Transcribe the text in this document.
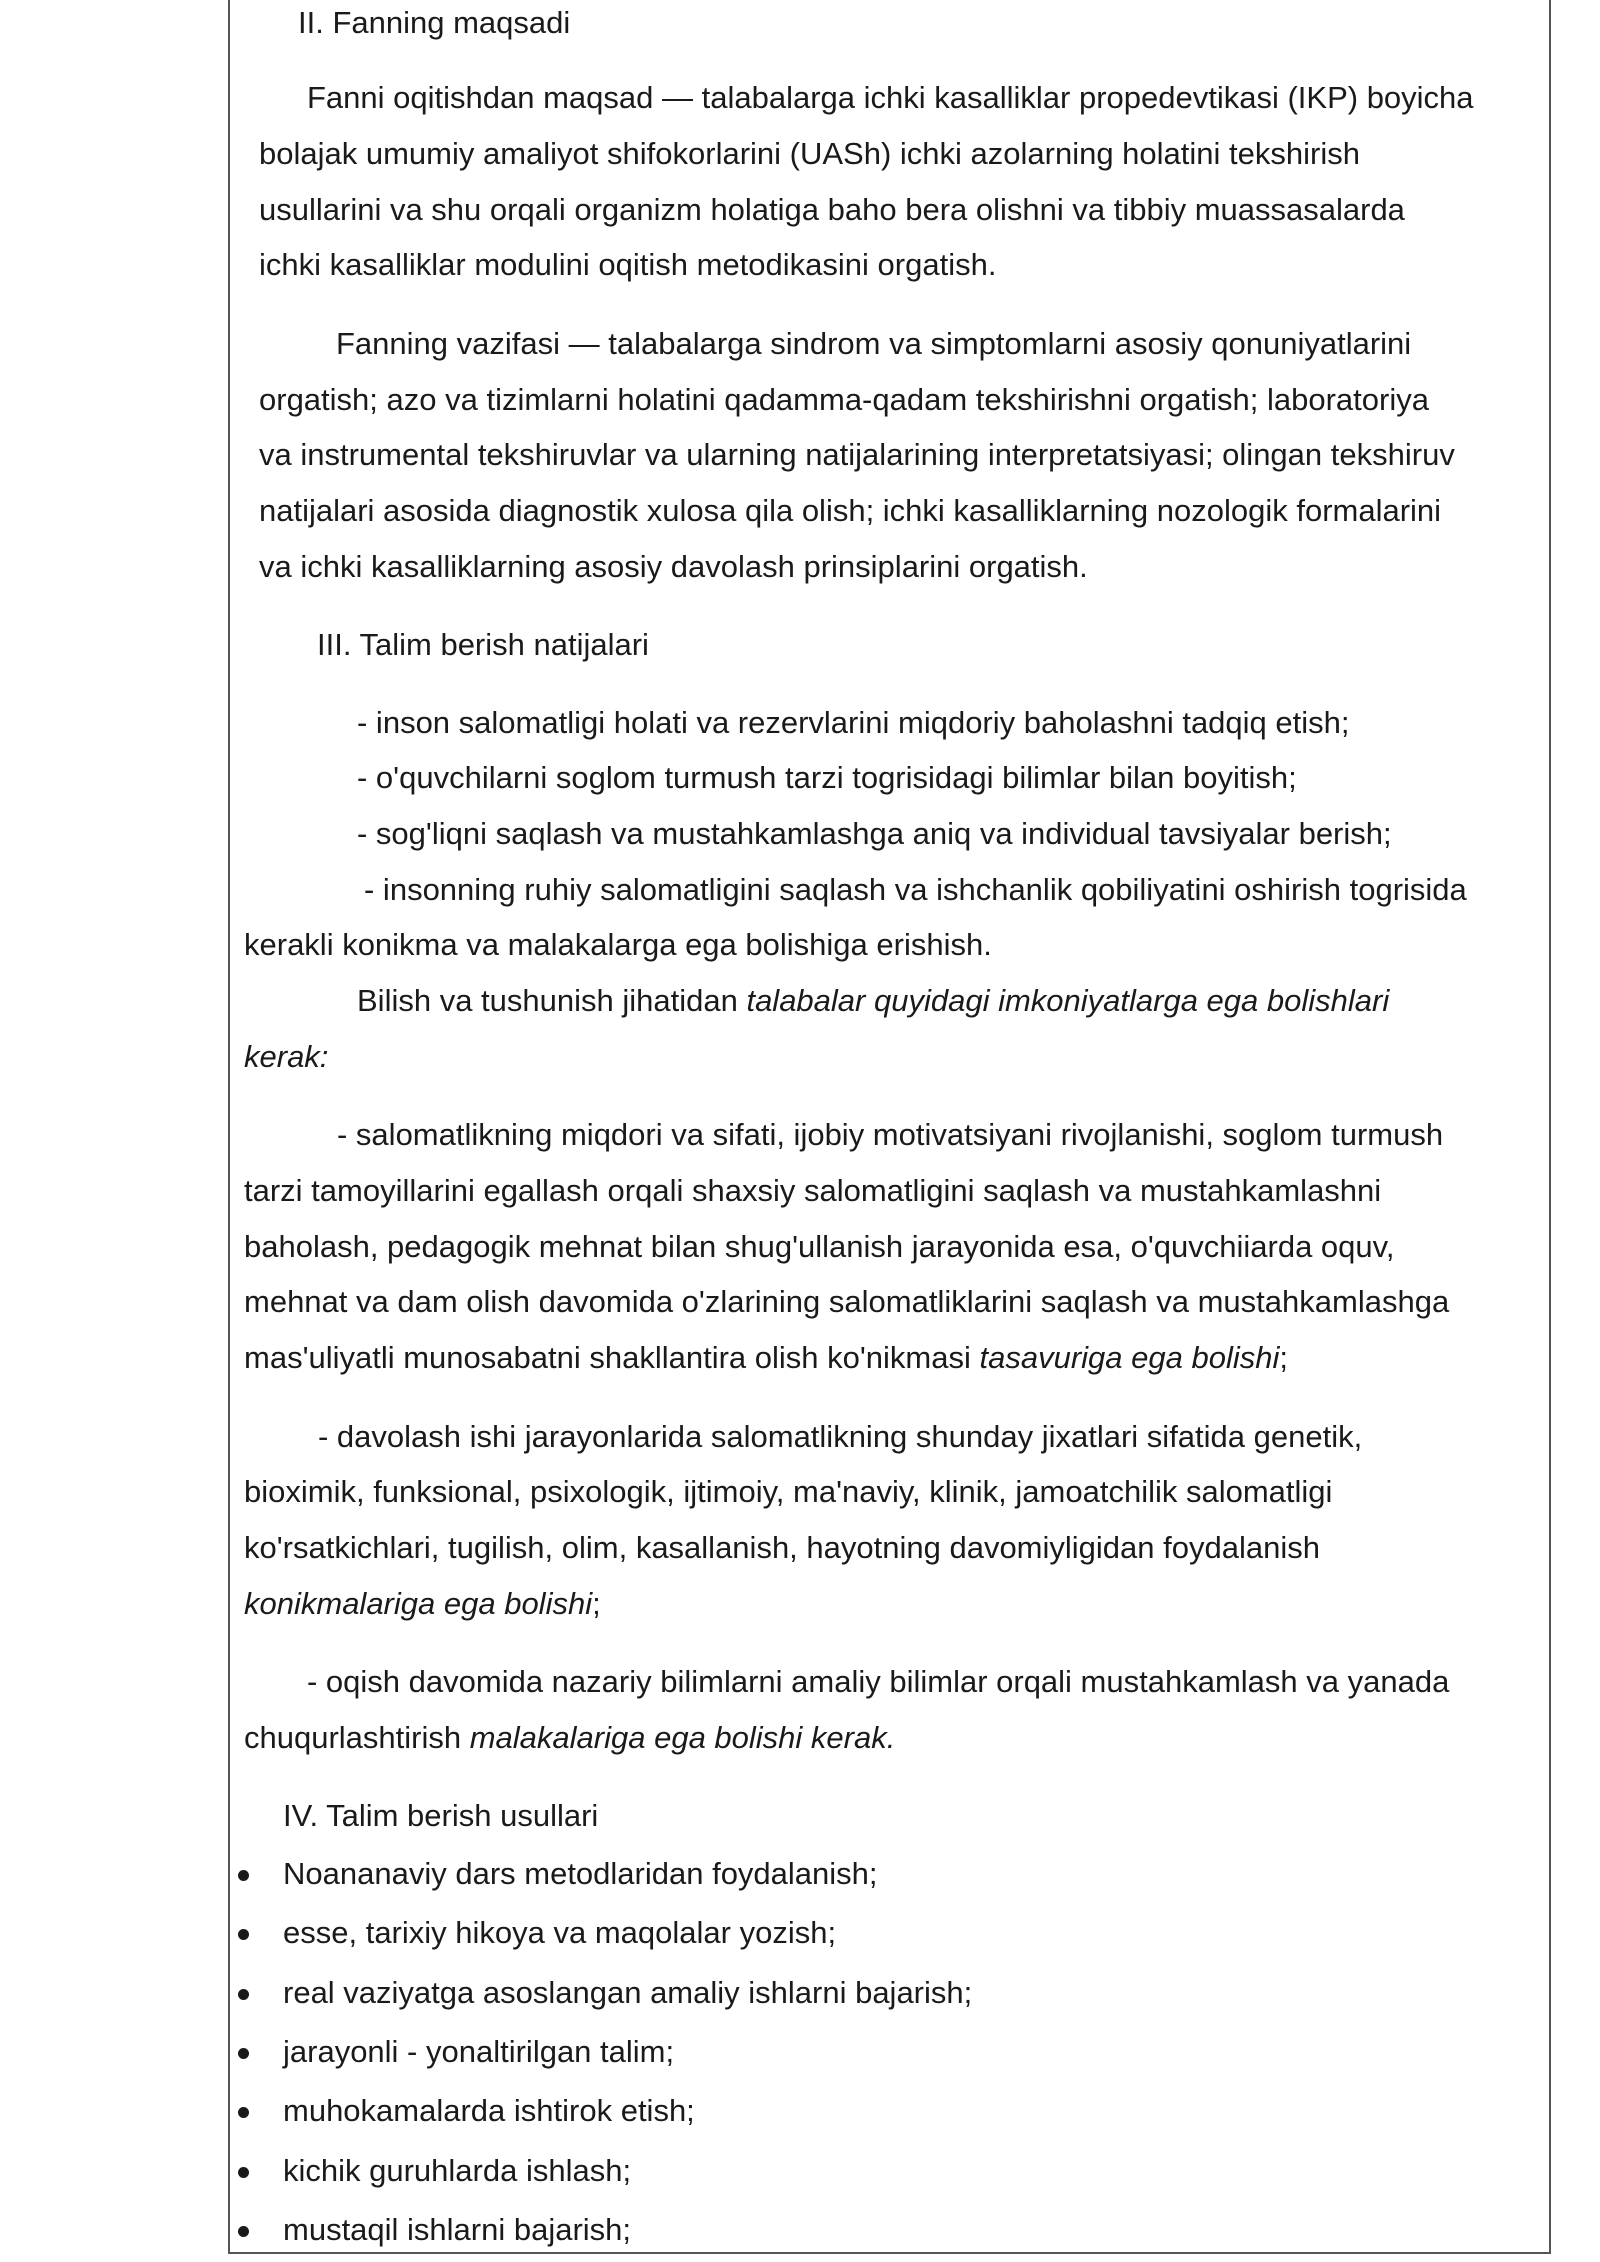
II. Fanning maqsadi
Fanni oqitishdan maqsad — talabalarga ichki kasalliklar propedevtikasi (IKP) boyicha
bolajak umumiy amaliyot shifokorlarini (UASh) ichki azolarning holatini tekshirish
usullarini va shu orqali organizm holatiga baho bera olishni va tibbiy muassasalarda
ichki kasalliklar modulini oqitish metodikasini orgatish.
Fanning vazifasi — talabalarga sindrom va simptomlarni asosiy qonuniyatlarini
orgatish; azo va tizimlarni holatini qadamma-qadam tekshirishni orgatish; laboratoriya
va instrumental tekshiruvlar va ularning natijalarining interpretatsiyasi; olingan tekshiruv
natijalari asosida diagnostik xulosa qila olish; ichki kasalliklarning nozologik formalarini
va ichki kasalliklarning asosiy davolash prinsiplarini orgatish.
III. Talim berish natijalari
- inson salomatligi holati va rezervlarini miqdoriy baholashni tadqiq etish;
- o'quvchilarni soglom turmush tarzi togrisidagi bilimlar bilan boyitish;
- sog'liqni saqlash va mustahkamlashga aniq va individual tavsiyalar berish;
- insonning ruhiy salomatligini saqlash va ishchanlik qobiliyatini oshirish togrisida
kerakli konikma va malakalarga ega bolishiga erishish.
Bilish va tushunish jihatidan talabalar quyidagi imkoniyatlarga ega bolishlari
kerak:
- salomatlikning miqdori va sifati, ijobiy motivatsiyani rivojlanishi, soglom turmush
tarzi tamoyillarini egallash orqali shaxsiy salomatligini saqlash va mustahkamlashni
baholash, pedagogik mehnat bilan shug'ullanish jarayonida esa, o'quvchiiarda oquv,
mehnat va dam olish davomida o'zlarining salomatliklarini saqlash va mustahkamlashga
mas'uliyatli munosabatni shakllantira olish ko'nikmasi tasavuriga ega bolishi;
- davolash ishi jarayonlarida salomatlikning shunday jixatlari sifatida genetik,
bioximik, funksional, psixologik, ijtimoiy, ma'naviy, klinik, jamoatchilik salomatligi
ko'rsatkichlari, tugilish, olim, kasallanish, hayotning davomiyligidan foydalanish
konikmalariga ega bolishi;
- oqish davomida nazariy bilimlarni amaliy bilimlar orqali mustahkamlash va yanada
chuqurlashtirish malakalariga ega bolishi kerak.
IV. Talim berish usullari
Noananaviy dars metodlaridan foydalanish;
esse, tarixiy hikoya va maqolalar yozish;
real vaziyatga asoslangan amaliy ishlarni bajarish;
jarayonli - yonaltirilgan talim;
muhokamalarda ishtirok etish;
kichik guruhlarda ishlash;
mustaqil ishlarni bajarish;
